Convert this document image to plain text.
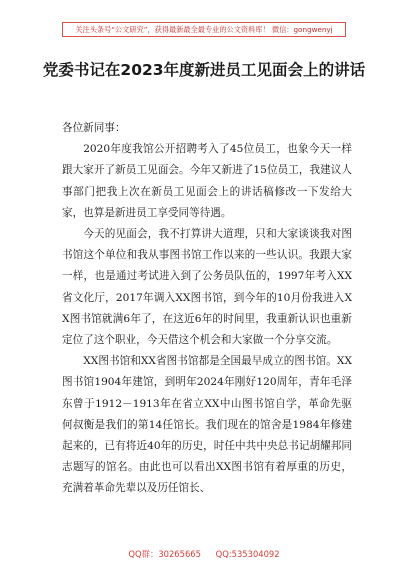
关注头条号“公文研究”，获得最新最全最专业的公文资料库！ 微信：gongwenyj
党委书记在2023年度新进员工见面会上的讲话

各位新同事：

2020年度我馆公开招聘考入了45位员工，也象今天一样跟大家开了新员工见面会。今年又新进了15位员工，我建议人事部门把我上次在新员工见面会上的讲话稿修改一下发给大家，也算是新进员工享受同等待遇。

今天的见面会，我不打算讲大道理，只和大家谈谈我对图书馆这个单位和我从事图书馆工作以来的一些认识。我跟大家一样，也是通过考试进入到了公务员队伍的，1997年考入XX省文化厅，2017年调入XX图书馆，到今年的10月份我进入XX图书馆就满6年了，在这近6年的时间里，我重新认识也重新定位了这个职业，今天借这个机会和大家做一个分享交流。

XX图书馆和XX省图书馆都是全国最早成立的图书馆。XX图书馆1904年建馆，到明年2024年刚好120周年，青年毛泽东曾于1912－1913年在省立XX中山图书馆自学，革命先驱何叔衡是我们的第14任馆长。我们现在的馆舍是1984年修建起来的，已有将近40年的历史，时任中共中央总书记胡耀邦同志题写的馆名。由此也可以看出XX图书馆有着厚重的历史，充满着革命先辈以及历任馆长、

QQ群：30265665 QQ:535304092
